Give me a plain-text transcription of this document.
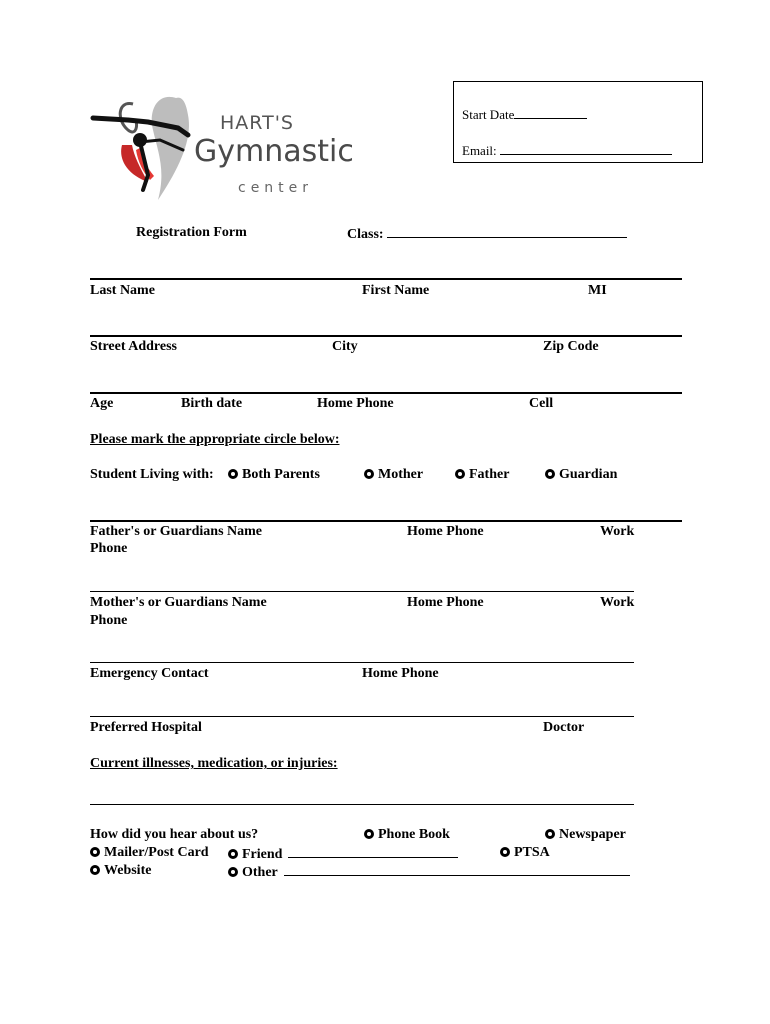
HART'S
Gymnastic
center
Start Date
Email:
Registration Form	Class:
Last Name	First Name	MI
Street Address	City	Zip Code
Age	Birth date	Home Phone	Cell
Please mark the appropriate circle below:
Student Living with:	Both Parents	Mother	Father	Guardian
Father's or Guardians Name	Home Phone	Work
Phone
Mother's or Guardians Name	Home Phone	Work
Phone
Emergency Contact	Home Phone
Preferred Hospital	Doctor
Current illnesses, medication, or injuries:
How did you hear about us?	Phone Book	Newspaper
Mailer/Post Card	Friend	PTSA
Website	Other
